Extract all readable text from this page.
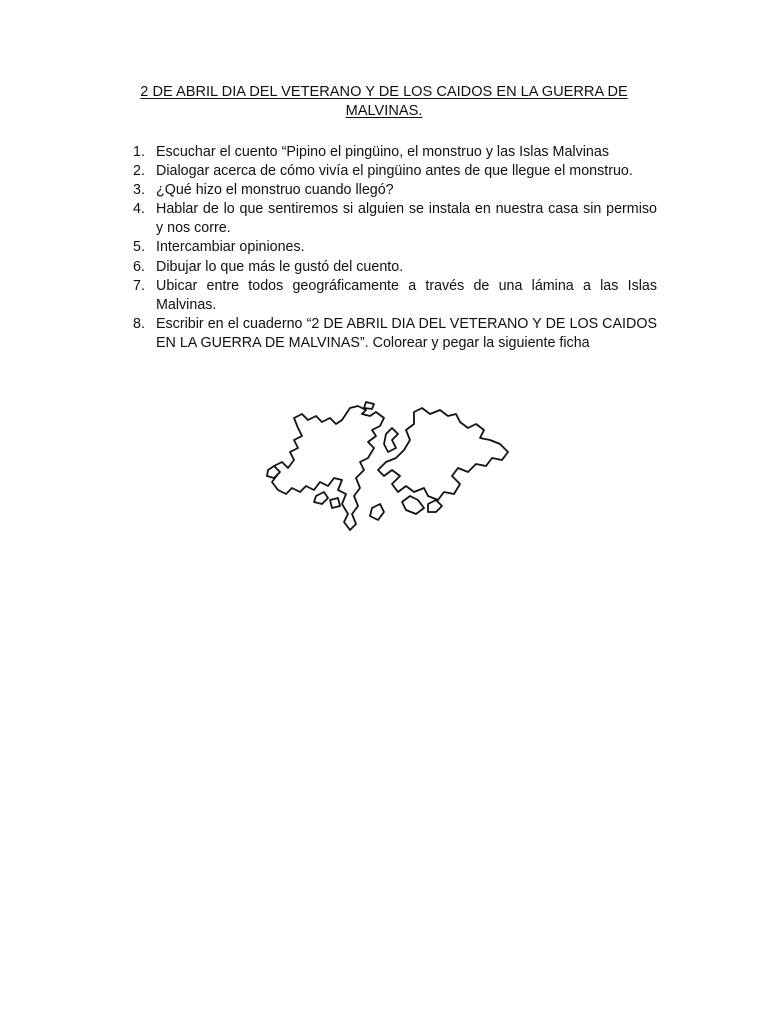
2 DE ABRIL DIA DEL VETERANO Y DE LOS CAIDOS EN LA GUERRA DE MALVINAS.
1. Escuchar el cuento “Pipino el pingüino, el monstruo y las Islas Malvinas
2. Dialogar acerca de cómo vivía el pingüino antes de que llegue el monstruo.
3. ¿Qué hizo el monstruo cuando llegó?
4. Hablar de lo que sentiremos si alguien se instala en nuestra casa sin permiso y nos corre.
5. Intercambiar opiniones.
6. Dibujar lo que más le gustó del cuento.
7. Ubicar entre todos geográficamente a través de una lámina a las Islas Malvinas.
8. Escribir en el cuaderno “2 DE ABRIL DIA DEL VETERANO Y DE LOS CAIDOS EN LA GUERRA DE MALVINAS”. Colorear y pegar la siguiente ficha
